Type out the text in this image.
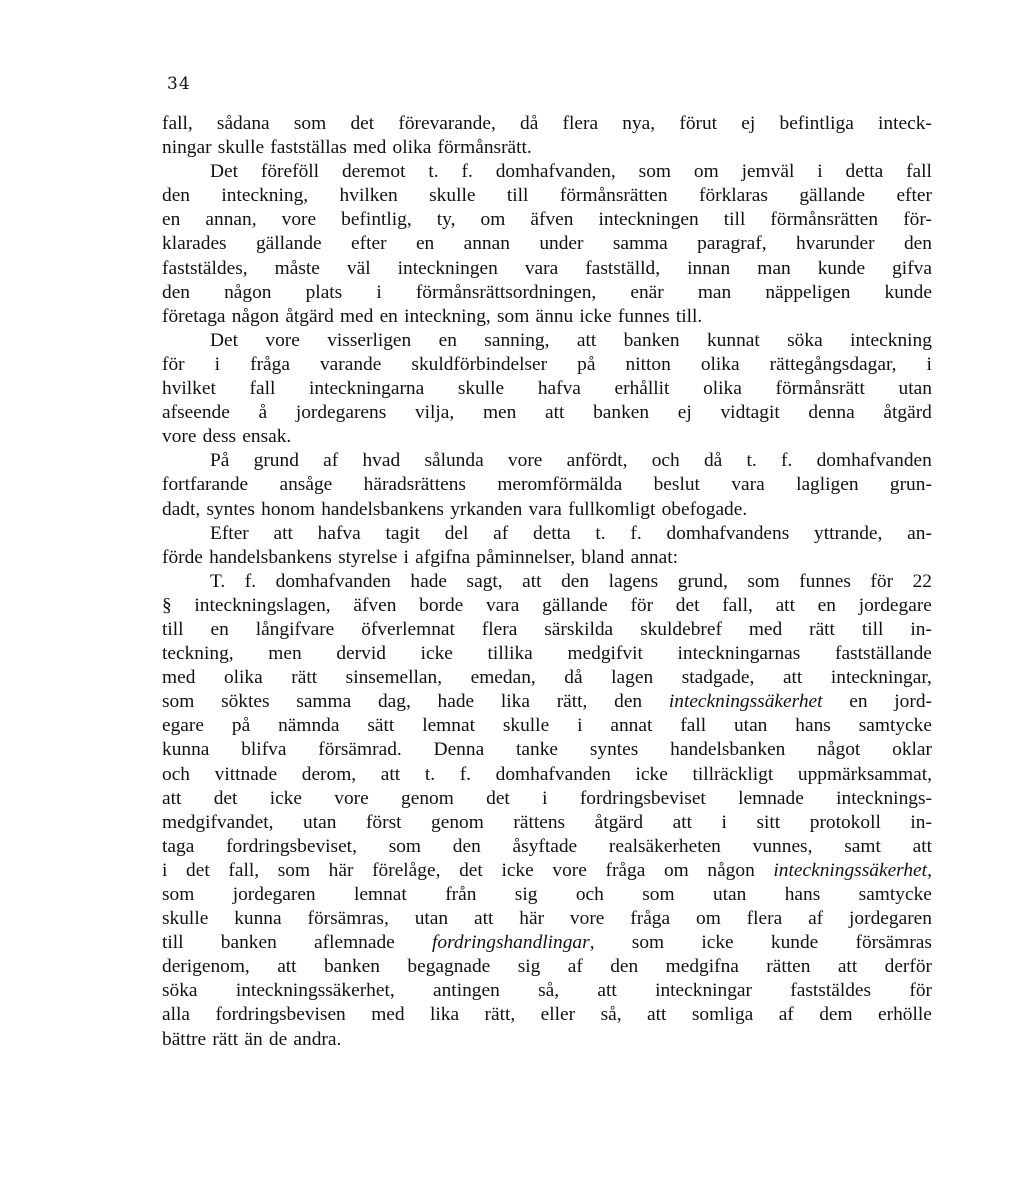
34
fall, sådana som det förevarande, då flera nya, förut ej befintliga inteck-
ningar skulle fastställas med olika förmånsrätt.
Det föreföll deremot t. f. domhafvanden, som om jemväl i detta fall
den inteckning, hvilken skulle till förmånsrätten förklaras gällande efter
en annan, vore befintlig, ty, om äfven inteckningen till förmånsrätten för-
klarades gällande efter en annan under samma paragraf, hvarunder den
faststäldes, måste väl inteckningen vara fastställd, innan man kunde gifva
den någon plats i förmånsrättsordningen, enär man näppeligen kunde
företaga någon åtgärd med en inteckning, som ännu icke funnes till.
Det vore visserligen en sanning, att banken kunnat söka inteckning
för i fråga varande skuldförbindelser på nitton olika rättegångsdagar, i
hvilket fall inteckningarna skulle hafva erhållit olika förmånsrätt utan
afseende å jordegarens vilja, men att banken ej vidtagit denna åtgärd
vore dess ensak.
På grund af hvad sålunda vore anfördt, och då t. f. domhafvanden
fortfarande ansåge häradsrättens meromförmälda beslut vara lagligen grun-
dadt, syntes honom handelsbankens yrkanden vara fullkomligt obefogade.
Efter att hafva tagit del af detta t. f. domhafvandens yttrande, an-
förde handelsbankens styrelse i afgifna påminnelser, bland annat:
T. f. domhafvanden hade sagt, att den lagens grund, som funnes för 22
§ inteckningslagen, äfven borde vara gällande för det fall, att en jordegare
till en långifvare öfverlemnat flera särskilda skuldebref med rätt till in-
teckning, men dervid icke tillika medgifvit inteckningarnas fastställande
med olika rätt sinsemellan, emedan, då lagen stadgade, att inteckningar,
som söktes samma dag, hade lika rätt, den inteckningssäkerhet en jord-
egare på nämnda sätt lemnat skulle i annat fall utan hans samtycke
kunna blifva försämrad. Denna tanke syntes handelsbanken något oklar
och vittnade derom, att t. f. domhafvanden icke tillräckligt uppmärksammat,
att det icke vore genom det i fordringsbeviset lemnade intecknings-
medgifvandet, utan först genom rättens åtgärd att i sitt protokoll in-
taga fordringsbeviset, som den åsyftade realsäkerheten vunnes, samt att
i det fall, som här förelåge, det icke vore fråga om någon inteckningssäkerhet,
som jordegaren lemnat från sig och som utan hans samtycke
skulle kunna försämras, utan att här vore fråga om flera af jordegaren
till banken aflemnade fordringshandlingar, som icke kunde försämras
derigenom, att banken begagnade sig af den medgifna rätten att derför
söka inteckningssäkerhet, antingen så, att inteckningar faststäldes för
alla fordringsbevisen med lika rätt, eller så, att somliga af dem erhölle
bättre rätt än de andra.
